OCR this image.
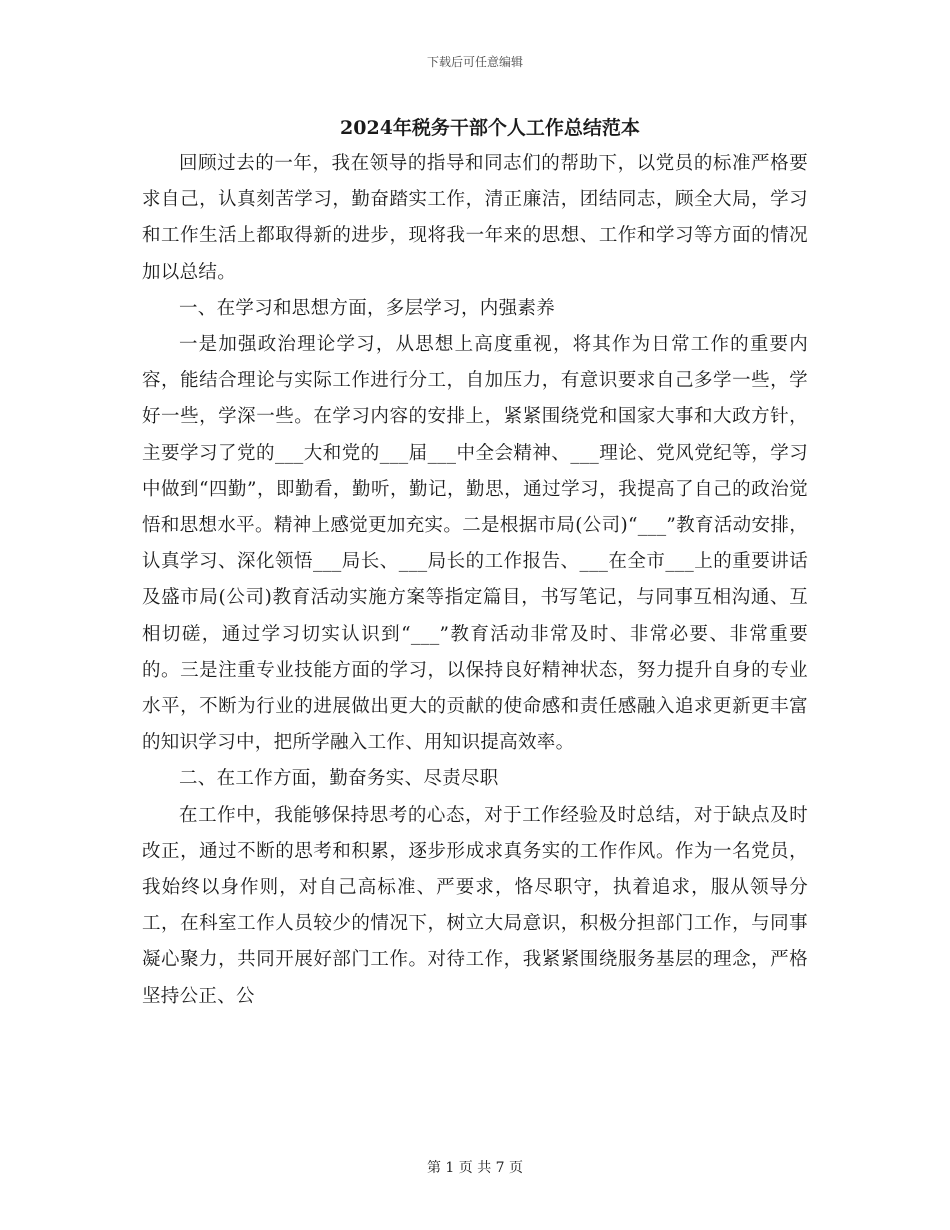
下载后可任意编辑
2024年税务干部个人工作总结范本

回顾过去的一年，我在领导的指导和同志们的帮助下，以党员的标准严格要求自己，认真刻苦学习，勤奋踏实工作，清正廉洁，团结同志，顾全大局，学习和工作生活上都取得新的进步，现将我一年来的思想、工作和学习等方面的情况加以总结。

一、在学习和思想方面，多层学习，内强素养

一是加强政治理论学习，从思想上高度重视，将其作为日常工作的重要内容，能结合理论与实际工作进行分工，自加压力，有意识要求自己多学一些，学好一些，学深一些。在学习内容的安排上，紧紧围绕党和国家大事和大政方针，主要学习了党的___大和党的___届___中全会精神、___理论、党风党纪等，学习中做到“四勤”，即勤看，勤听，勤记，勤思，通过学习，我提高了自己的政治觉悟和思想水平。精神上感觉更加充实。二是根据市局(公司)“___”教育活动安排，认真学习、深化领悟___局长、___局长的工作报告、___在全市___上的重要讲话及盛市局(公司)教育活动实施方案等指定篇目，书写笔记，与同事互相沟通、互相切磋，通过学习切实认识到“___”教育活动非常及时、非常必要、非常重要的。三是注重专业技能方面的学习，以保持良好精神状态，努力提升自身的专业水平，不断为行业的进展做出更大的贡献的使命感和责任感融入追求更新更丰富的知识学习中，把所学融入工作、用知识提高效率。

二、在工作方面，勤奋务实、尽责尽职

在工作中，我能够保持思考的心态，对于工作经验及时总结，对于缺点及时改正，通过不断的思考和积累，逐步形成求真务实的工作作风。作为一名党员，我始终以身作则，对自己高标准、严要求，恪尽职守，执着追求，服从领导分工，在科室工作人员较少的情况下，树立大局意识，积极分担部门工作，与同事凝心聚力，共同开展好部门工作。对待工作，我紧紧围绕服务基层的理念，严格坚持公正、公

第 1 页 共 7 页
